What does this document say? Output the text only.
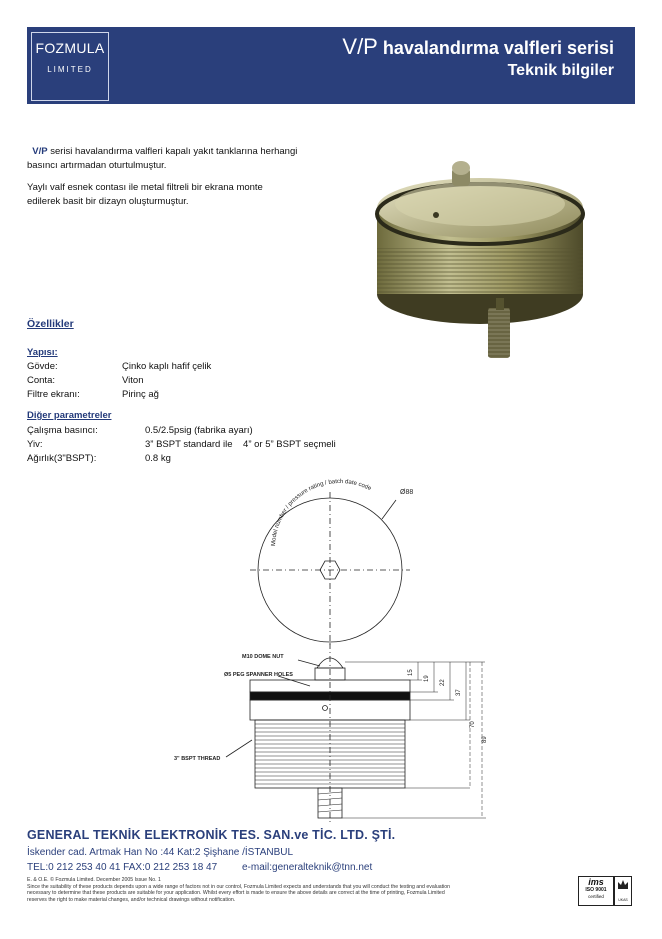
FOZMULA
LIMITED
V/P havalandırma valfleri serisi
Teknik bilgiler
V/P serisi havalandırma valfleri kapalı yakıt tanklarına herhangi
basıncı artırmadan oturtulmuştur.
Yaylı valf esnek contası ile metal filtreli bir ekranа monte
edilerek basit bir dizayn oluşturmuştur.
Özellikler
Yapısı:
Gövde:	Çinko kaplı hafif çelik
Conta:	Viton
Filtre ekranı:	Pirinç ağ
Diğer parametreler
Çalışma basıncı:	0.5/2.5psig (fabrika ayarı)
Yiv:	3” BSPT standard ile    4” or 5” BSPT seçmeli
Ağırlık(3"BSPT):	0.8 kg
Ø88
Model number / pressure rating / batch date code
M10 DOME NUT
Ø5 PEG SPANNER HOLES
3" BSPT THREAD
15
19
22
37
70
89
GENERAL TEKNİK ELEKTRONİK TES. SAN.ve TİC. LTD. ŞTİ.
İskender cad. Artmak Han No :44 Kat:2 Şişhane /İSTANBUL
TEL:0 212 253 40 41 FAX:0 212 253 18 47 e-mail:generalteknik@tnn.net
E. & O.E. © Fozmula Limited. December 2005 Issue No. 1
Since the suitability of these products depends upon a wide range of factors not in our control, Fozmula Limited expects and understands that you will conduct the testing and evaluation
necessary to determine that these products are suitable for your application. Whilst every effort is made to ensure the above details are correct at the time of printing, Fozmula Limited
reserves the right to make material changes, and/or technical drawings without notification.
ims
ISO 9001
certified
UKAS
